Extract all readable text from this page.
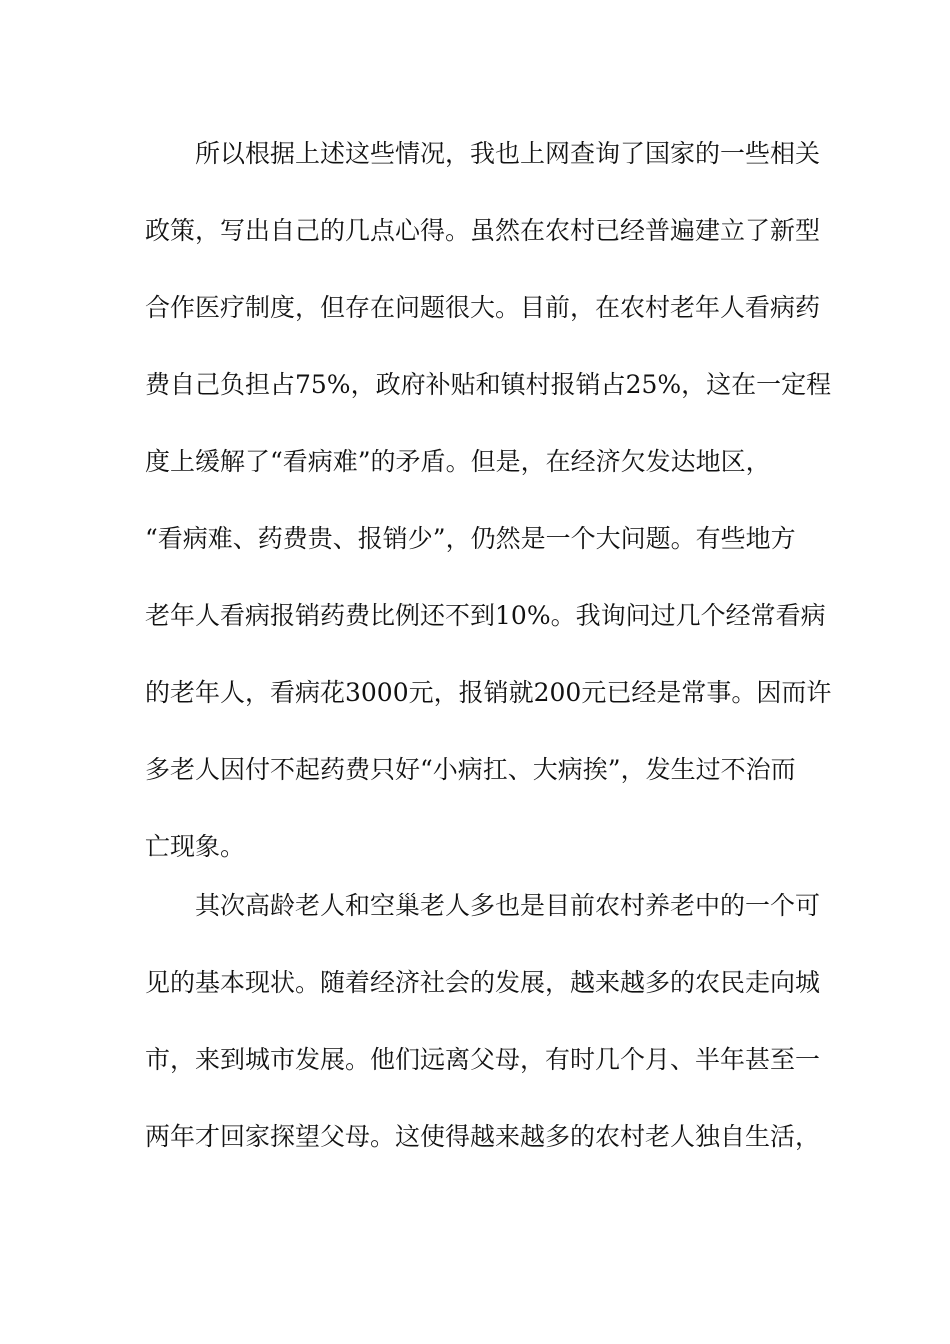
所以根据上述这些情况，我也上网查询了国家的一些相关
政策，写出自己的几点心得。虽然在农村已经普遍建立了新型
合作医疗制度，但存在问题很大。目前，在农村老年人看病药
费自己负担占75%，政府补贴和镇村报销占25%，这在一定程
度上缓解了“看病难”的矛盾。但是，在经济欠发达地区，
“看病难、药费贵、报销少”，仍然是一个大问题。有些地方
老年人看病报销药费比例还不到10%。我询问过几个经常看病
的老年人，看病花3000元，报销就200元已经是常事。因而许
多老人因付不起药费只好“小病扛、大病挨”，发生过不治而
亡现象。
其次高龄老人和空巢老人多也是目前农村养老中的一个可
见的基本现状。随着经济社会的发展，越来越多的农民走向城
市，来到城市发展。他们远离父母，有时几个月、半年甚至一
两年才回家探望父母。这使得越来越多的农村老人独自生活，
